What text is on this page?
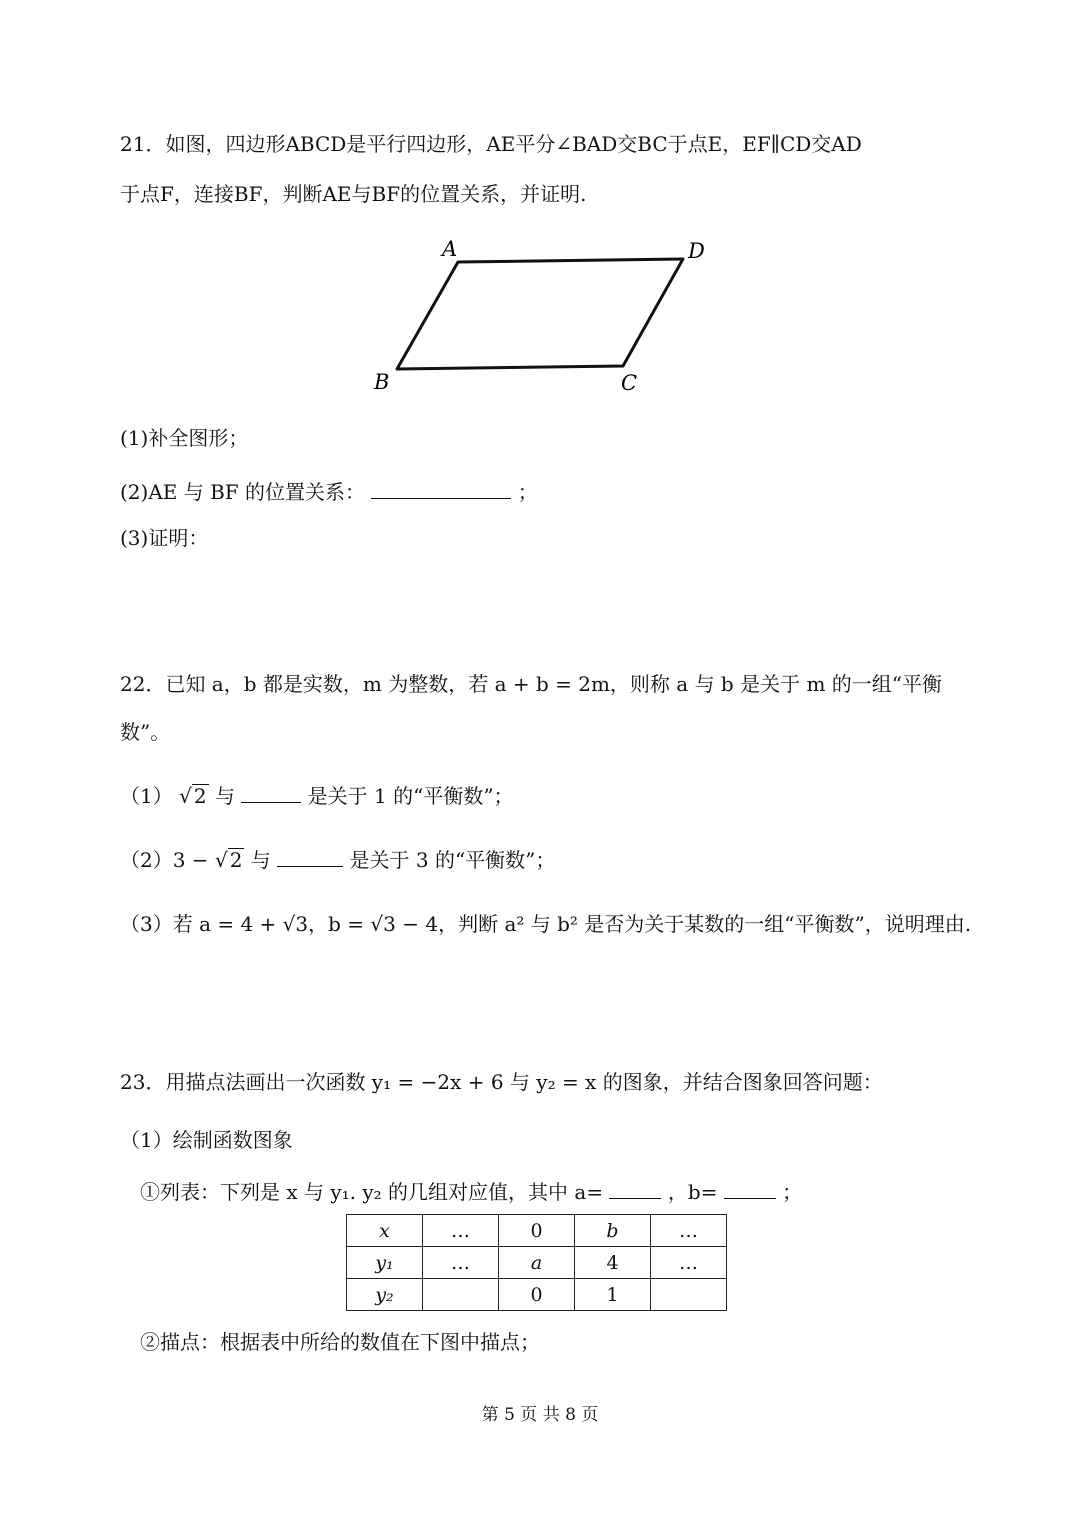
21．如图，四边形ABCD是平行四边形，AE平分∠BAD交BC于点E，EF∥CD交AD
于点F，连接BF，判断AE与BF的位置关系，并证明.
A	D
B	C
(1)补全图形；
(2)AE 与 BF 的位置关系：	；
(3)证明：
22．已知 a，b 都是实数，m 为整数，若 a + b = 2m，则称 a 与 b 是关于 m 的一组“平衡
数”。
（1） √ 2 与	是关于 1 的“平衡数”；
（2）3 − √ 2 与	是关于 3 的“平衡数”；
（3）若 a = 4 + √3，b = √3 − 4，判断 a² 与 b² 是否为关于某数的一组“平衡数”，说明理由.
23．用描点法画出一次函数 y₁ = −2x + 6 与 y₂ = x 的图象，并结合图象回答问题：
（1）绘制函数图象
①列表：下列是 x 与 y₁. y₂ 的几组对应值，其中 a=	，b=	；
x	…	0	b	…
y₁	…	a	4	…
y₂		0	1	
②描点：根据表中所给的数值在下图中描点；
第 5 页 共 8 页
